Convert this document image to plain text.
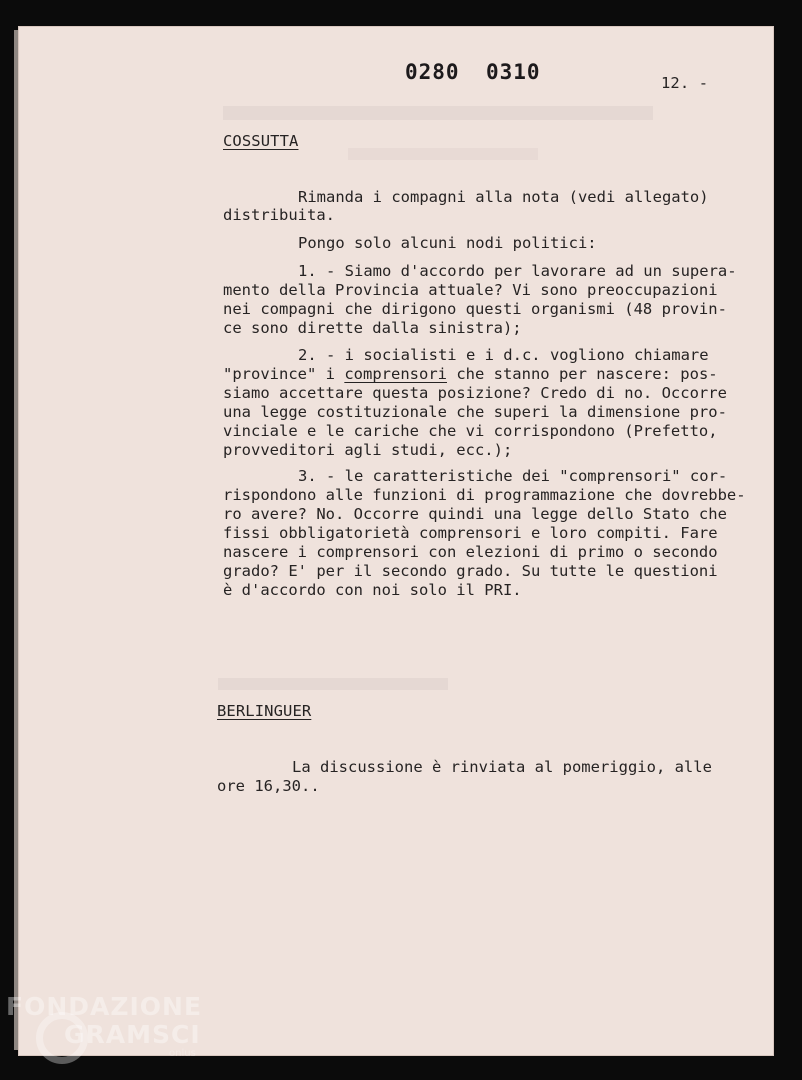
0280 0310	12. -
COSSUTTA
Rimanda i compagni alla nota (vedi allegato)
distribuita.
Pongo solo alcuni nodi politici:
1. - Siamo d'accordo per lavorare ad un supera-
mento della Provincia attuale? Vi sono preoccupazioni
nei compagni che dirigono questi organismi (48 provin-
ce sono dirette dalla sinistra);
2. - i socialisti e i d.c. vogliono chiamare
"province" i comprensori che stanno per nascere: pos-
siamo accettare questa posizione? Credo di no. Occorre
una legge costituzionale che superi la dimensione pro-
vinciale e le cariche che vi corrispondono (Prefetto,
provveditori agli studi, ecc.);
3. - le caratteristiche dei "comprensori" cor-
rispondono alle funzioni di programmazione che dovrebbe-
ro avere? No. Occorre quindi una legge dello Stato che
fissi obbligatorietà comprensori e loro compiti. Fare
nascere i comprensori con elezioni di primo o secondo
grado? E' per il secondo grado. Su tutte le questioni
è d'accordo con noi solo il PRI.
BERLINGUER
La discussione è rinviata al pomeriggio, alle
ore 16,30..
FONDAZIONE
GRAMSCI
onlus
